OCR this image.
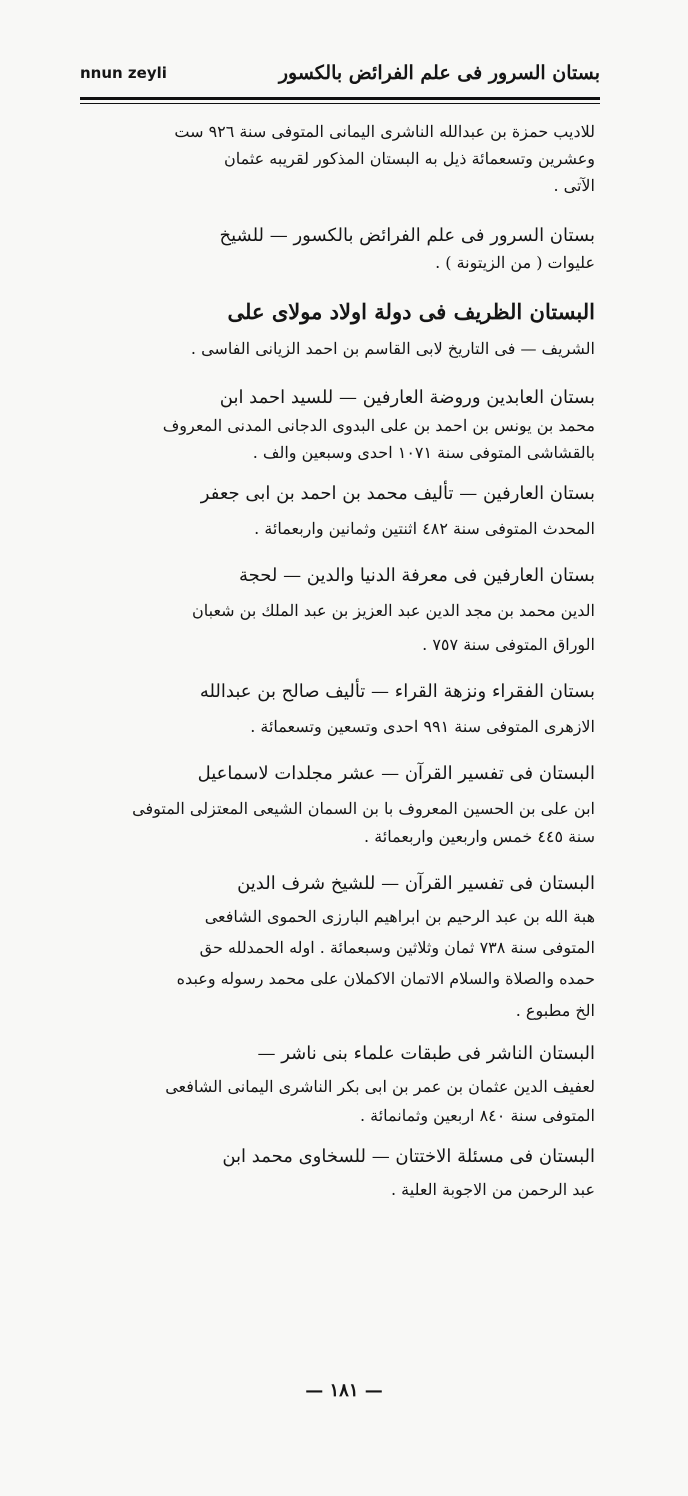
nnun zeyli	بستان السرور فى علم الفرائض بالكسور
للاديب حمزة بن عبدالله الناشرى اليمانى المتوفى سنة ٩٢٦ ست
وعشرين وتسعمائة ذيل به البستان المذكور لقريبه عثمان
الآتى .
بستان السرور فى علم الفرائض بالكسور — للشيخ
عليوات ( من الزيتونة ) .
البستان الظريف فى دولة اولاد مولاى على
الشريف — فى التاريخ لابى القاسم بن احمد الزيانى الفاسى .
بستان العابدين وروضة العارفين — للسيد احمد ابن
محمد بن يونس بن احمد بن على البدوى الدجانى المدنى المعروف
بالقشاشى المتوفى سنة ١٠٧١ احدى وسبعين والف .
بستان العارفين — تأليف محمد بن احمد بن ابى جعفر
المحدث المتوفى سنة ٤٨٢ اثنتين وثمانين واربعمائة .
بستان العارفين فى معرفة الدنيا والدين — لحجة
الدين محمد بن مجد الدين عبد العزيز بن عبد الملك بن شعبان
الوراق المتوفى سنة ٧٥٧ .
بستان الفقراء ونزهة القراء — تأليف صالح بن عبدالله
الازهرى المتوفى سنة ٩٩١ احدى وتسعين وتسعمائة .
البستان فى تفسير القرآن — عشر مجلدات لاسماعيل
ابن على بن الحسين المعروف با بن السمان الشيعى المعتزلى المتوفى
سنة ٤٤٥ خمس واربعين واربعمائة .
البستان فى تفسير القرآن — للشيخ شرف الدين
هبة الله بن عبد الرحيم بن ابراهيم البارزى الحموى الشافعى
المتوفى سنة ٧٣٨ ثمان وثلاثين وسبعمائة . اوله الحمدلله حق
حمده والصلاة والسلام الاتمان الاكملان على محمد رسوله وعبده
الخ مطبوع .
البستان الناشر فى طبقات علماء بنى ناشر —
لعفيف الدين عثمان بن عمر بن ابى بكر الناشرى اليمانى الشافعى
المتوفى سنة ٨٤٠ اربعين وثمانمائة .
البستان فى مسئلة الاختتان — للسخاوى محمد ابن
عبد الرحمن من الاجوبة العلية .
— ١٨١ —
